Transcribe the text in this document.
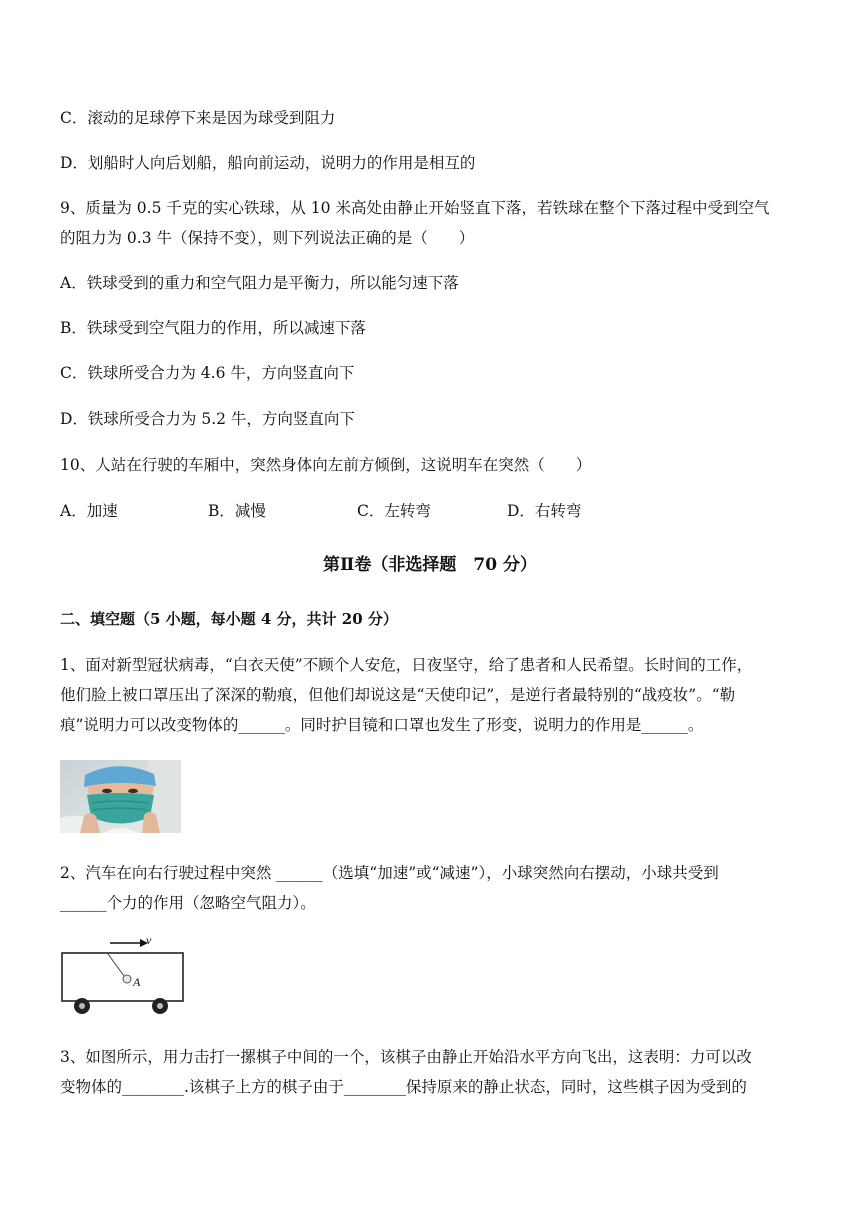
C．滚动的足球停下来是因为球受到阻力
D．划船时人向后划船，船向前运动，说明力的作用是相互的
9、质量为 0.5 千克的实心铁球，从 10 米高处由静止开始竖直下落，若铁球在整个下落过程中受到空气
的阻力为 0.3 牛（保持不变），则下列说法正确的是（　　）
A．铁球受到的重力和空气阻力是平衡力，所以能匀速下落
B．铁球受到空气阻力的作用，所以减速下落
C．铁球所受合力为 4.6 牛，方向竖直向下
D．铁球所受合力为 5.2 牛，方向竖直向下
10、人站在行驶的车厢中，突然身体向左前方倾倒，这说明车在突然（　　）
A．加速	B．减慢	C．左转弯	D．右转弯
第Ⅱ卷（非选择题　70 分）
二、填空题（5 小题，每小题 4 分，共计 20 分）
1、面对新型冠状病毒，“白衣天使”不顾个人安危，日夜坚守，给了患者和人民希望。长时间的工作，
他们脸上被口罩压出了深深的勒痕，但他们却说这是“天使印记”，是逆行者最特别的“战疫妆”。“勒
痕”说明力可以改变物体的______。同时护目镜和口罩也发生了形变，说明力的作用是______。
2、汽车在向右行驶过程中突然 ______（选填“加速”或“减速”），小球突然向右摆动，小球共受到
______个力的作用（忽略空气阻力）。
v
A
3、如图所示，用力击打一摞棋子中间的一个，该棋子由静止开始沿水平方向飞出，这表明：力可以改
变物体的________.该棋子上方的棋子由于________保持原来的静止状态，同时，这些棋子因为受到的
